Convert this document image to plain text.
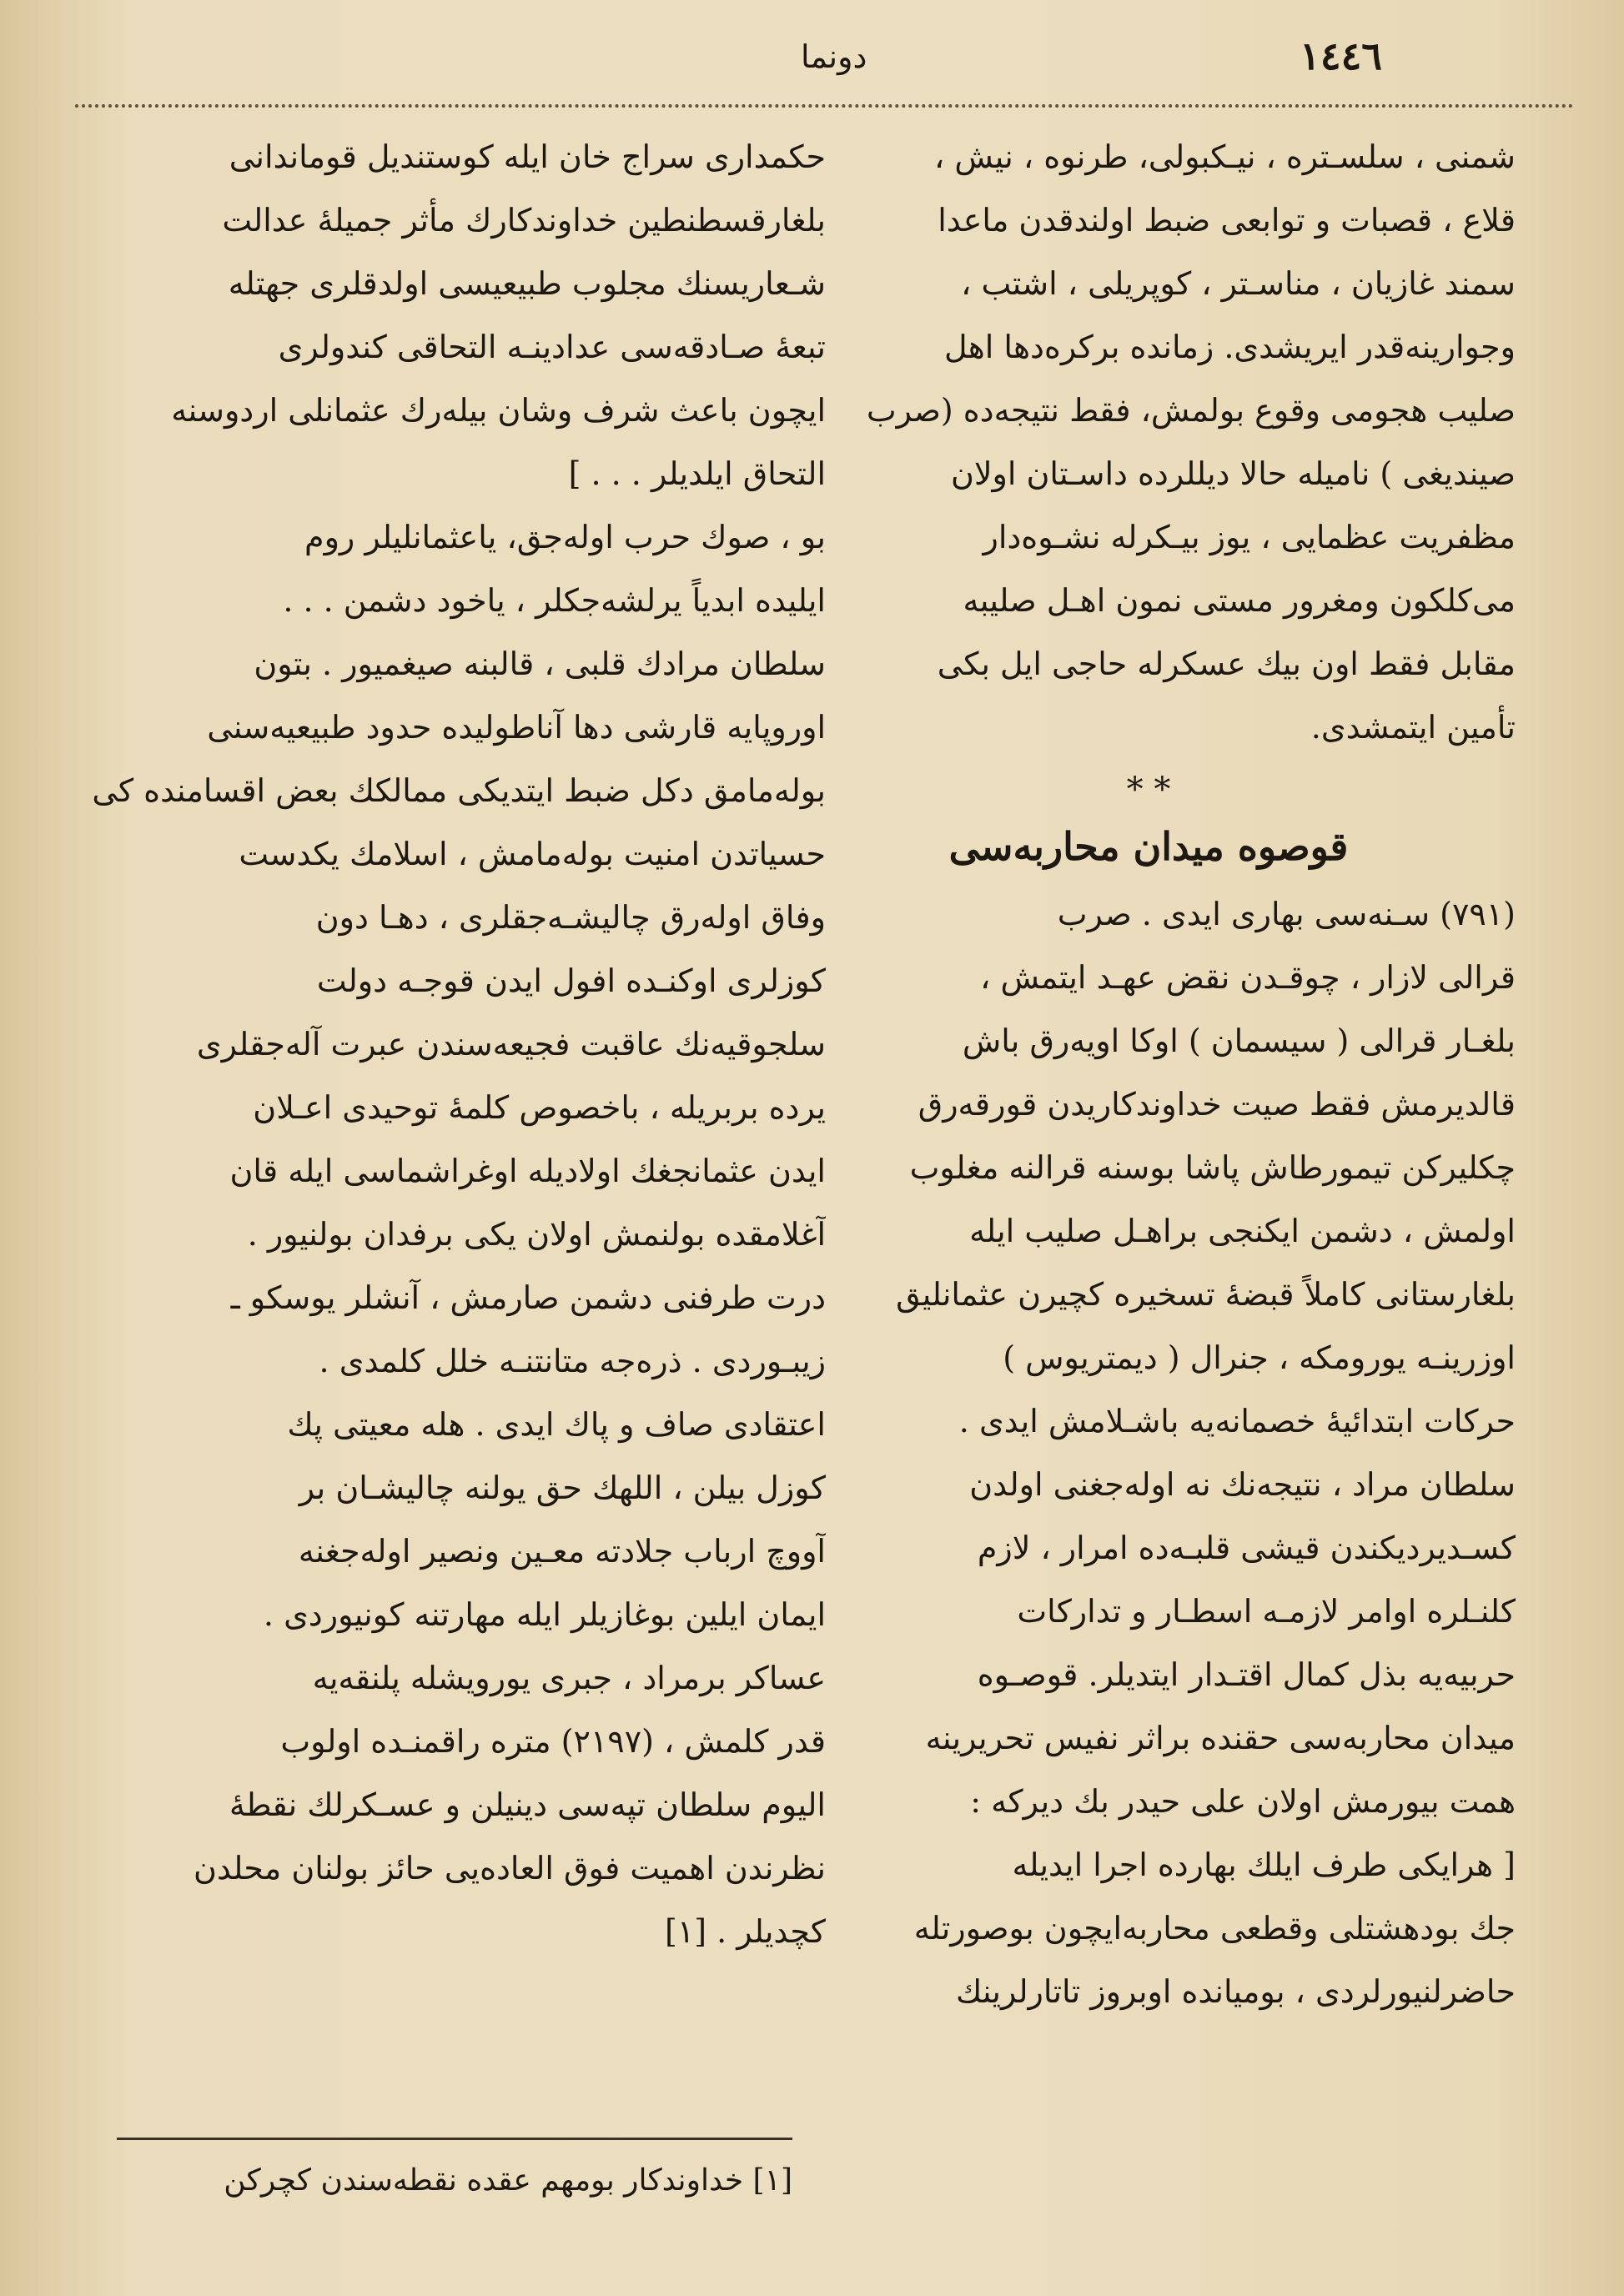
١٤٤٦
دونما
شمنی ، سلسـتره ، نیـکبولی، طرنوه ، نیش ،
قلاع ، قصبات و توابعی ضبط اولندقدن ماعدا
سمند غازیان ، مناسـتر ، کوپریلی ، اشتب ،
وجوارینه‌قدر ایریشدی. زمانده برکره‌دها اهل
صلیب هجومی وقوع بولمش، فقط نتیجه‌ده (صرب
صیندیغی ) نامیله حالا دیللرده داسـتان اولان
مظفریت عظمایی ، یوز بیـکرله نشـوه‌دار
می‌کلکون ومغرور مستی نمون اهـل صلیبه
مقابل فقط اون بیك عسکرله حاجی ایل بکی
تأمین ایتمشدی.
* *
قوصوه میدان محاربه‌سی
(٧٩١) سـنه‌سی بهاری ایدی . صرب
قرالی لازار ، چوقـدن نقض عهـد ایتمش ،
بلغـار قرالی ( سیسمان ) اوکا اویه‌رق باش
قالدیرمش فقط صیت خداوندکاریدن قورقه‌رق
چکلیرکن تیمورطاش پاشا بوسنه قرالنه مغلوب
اولمش ، دشمن ایکنجی براهـل صلیب ایله
بلغارستانی کاملاً قبضهٔ تسخیره کچیرن عثمانلیق
اوزرینـه یورومکه ، جنرال ( دیمتریوس )
حرکات ابتدائیهٔ خصمانه‌یه باشـلامش ایدی .
سلطان مراد ، نتیجه‌نك نه اوله‌جغنی اولدن
کسـدیردیکندن قیشی قلبـه‌ده امرار ، لازم
کلنـلره اوامر لازمـه اسطـار و تدارکات
حربیه‌یه بذل کمال اقتـدار ایتدیلر. قوصـوه
میدان محاربه‌سی حقنده براثر نفیس تحریرینه
همت بیورمش اولان علی حیدر بك دیرکه :
[ هرایکی طرف ایلك بهارده اجرا ایدیله
جك بودهشتلی وقطعی محاربه‌ایچون بوصورتله
حاضرلنیورلردی ، بومیانده‌ اوبروز تاتارلرینك
حکمداری سراج خان ایله کوستندیل قوماندانی
بلغارقسطنطین خداوندکارك مأثر جمیلهٔ عدالت
شـعاریسنك مجلوب طبیعیسی اولدقلری جهتله
تبعهٔ صـادقه‌سی عدادینـه التحاقی کندولری
ایچون باعث شرف وشان بیله‌رك عثمانلی اردوسنه
التحاق ایلدیلر . . . ]
بو ، صوك حرب اوله‌جق، یاعثمانلیلر روم
ایلیده ابدیاً یرلشه‌جکلر ، یاخود دشمن . . .
سلطان مرادك قلبی ، قالبنه صیغمیور . بتون
اوروپایه قارشی دها آناطولیده حدود طبیعیه‌سنی
بوله‌مامق دکل ضبط ایتدیکی ممالکك بعض اقسامنده کی
حسیاتدن امنیت بوله‌مامش ، اسلامك یکدست
وفاق اوله‌رق چالیشـه‌جقلری ، دهـا دون
کوزلری اوکنـده افول ایدن قوجـه دولت
سلجوقیه‌نك عاقبت فجیعه‌سندن عبرت آله‌جقلری
یرده بربریله ، باخصوص کلمهٔ توحیدی اعـلان
ایدن عثمانجغك اولادیله اوغراشماسی ایله قان
آغلامقده بولنمش اولان یکی برفدان بولنیور .
درت طرفنی دشمن صارمش ، آنشلر یوسکو ـ
زیبـوردی . ذره‌جه متانتنـه خلل کلمدی .
اعتقادی صاف و پاك ایدی . هله معیتی پك
کوزل بیلن ، اللهك حق یولنه چالیشـان بر
آووچ ارباب جلادته معـین ونصیر اوله‌جغنه
ایمان ایلین بوغازیلر ایله مهارتنه کونیوردی .
عساکر برمراد ، جبری یورویشله پلنقه‌یه
قدر کلمش ، (٢١٩٧) متره راقمنـده اولوب
الیوم سلطان تپه‌سی دینیلن و عسـکرلك نقطهٔ
نظرندن اهمیت فوق العاده‌یی حائز بولنان محلدن
کچدیلر . [١]
[١] خداوندکار بومهم عقده نقطه‌سندن کچرکن
